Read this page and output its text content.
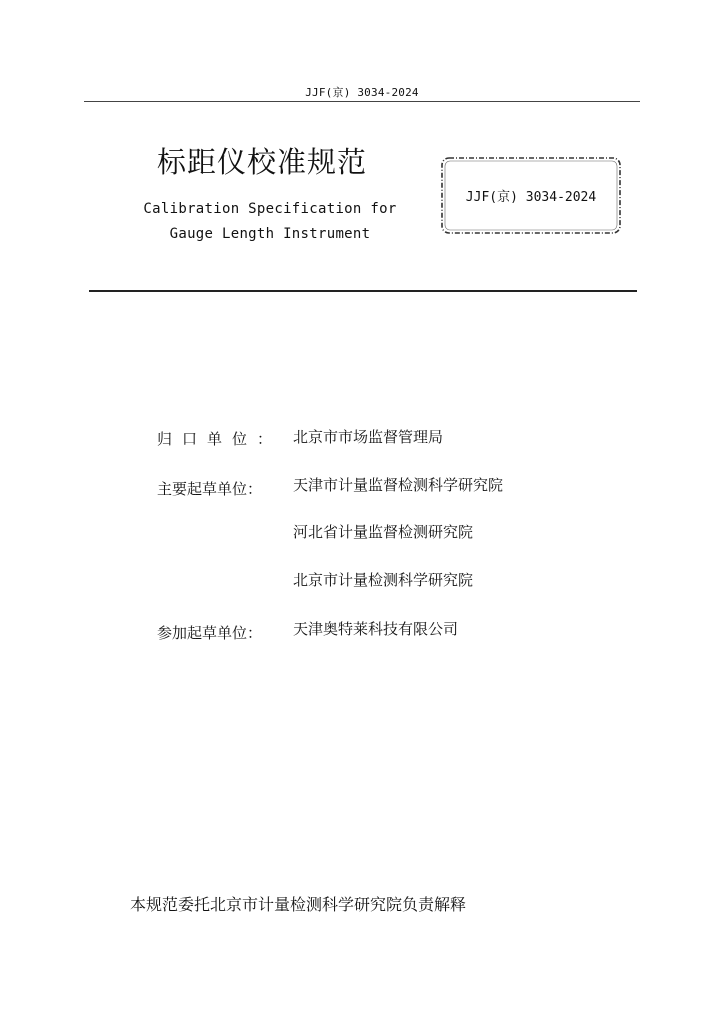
JJF(京) 3034-2024
标距仪校准规范
Calibration Specification for
Gauge Length Instrument
JJF(京) 3034-2024
归口单位： 北京市市场监督管理局
主要起草单位： 天津市计量监督检测科学研究院
河北省计量监督检测研究院
北京市计量检测科学研究院
参加起草单位： 天津奥特莱科技有限公司
本规范委托北京市计量检测科学研究院负责解释
